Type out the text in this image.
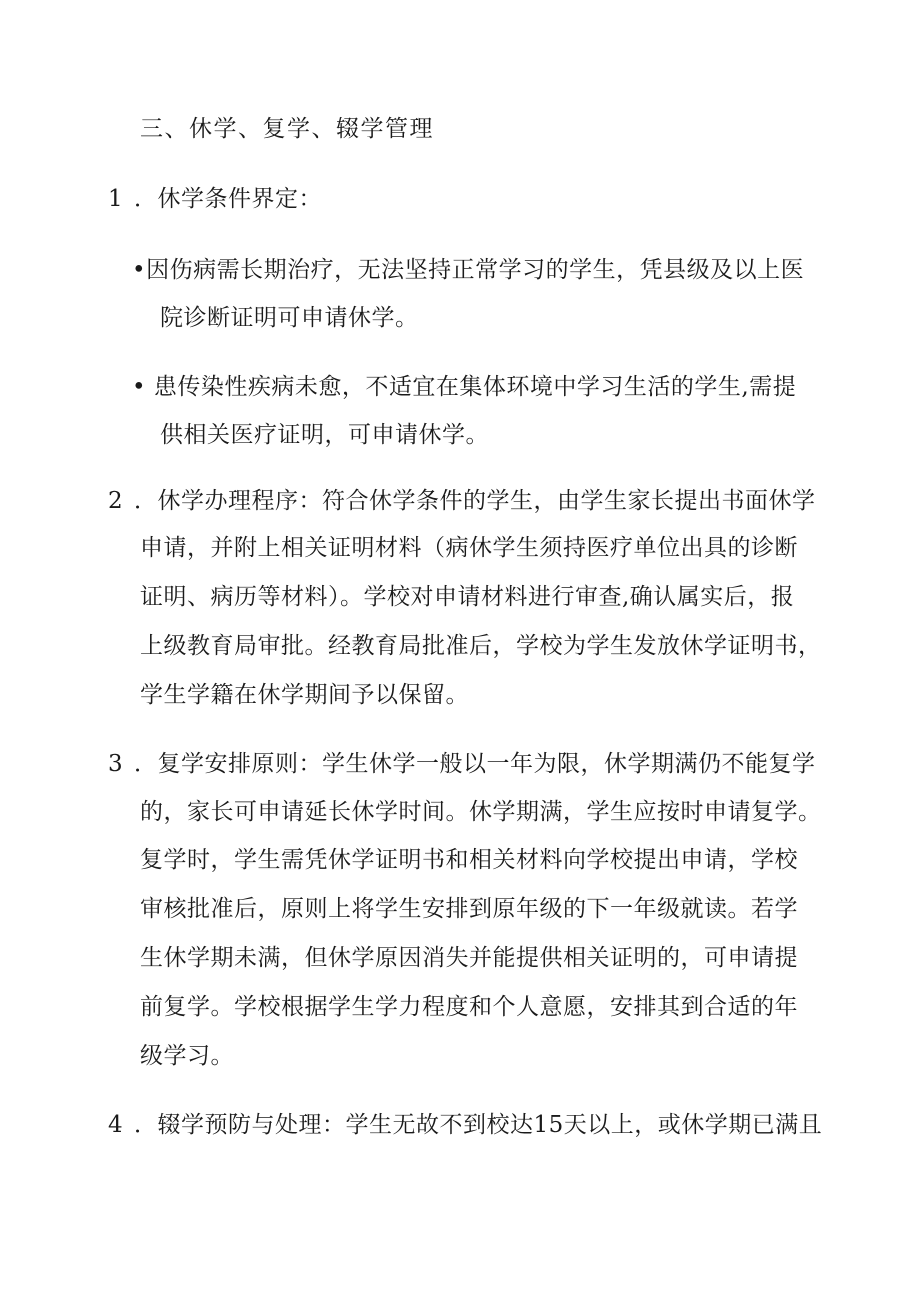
三、休学、复学、辍学管理
1 ．休学条件界定：
•因伤病需长期治疗，无法坚持正常学习的学生，凭县级及以上医
院诊断证明可申请休学。
• 患传染性疾病未愈，不适宜在集体环境中学习生活的学生,需提
供相关医疗证明，可申请休学。
2 ．休学办理程序：符合休学条件的学生，由学生家长提出书面休学
申请，并附上相关证明材料（病休学生须持医疗单位出具的诊断
证明、病历等材料）。学校对申请材料进行审查,确认属实后，报
上级教育局审批。经教育局批准后，学校为学生发放休学证明书，
学生学籍在休学期间予以保留。
3 ．复学安排原则：学生休学一般以一年为限，休学期满仍不能复学
的，家长可申请延长休学时间。休学期满，学生应按时申请复学。
复学时，学生需凭休学证明书和相关材料向学校提出申请，学校
审核批准后，原则上将学生安排到原年级的下一年级就读。若学
生休学期未满，但休学原因消失并能提供相关证明的，可申请提
前复学。学校根据学生学力程度和个人意愿，安排其到合适的年
级学习。
4 ．辍学预防与处理：学生无故不到校达15天以上，或休学期已满且
